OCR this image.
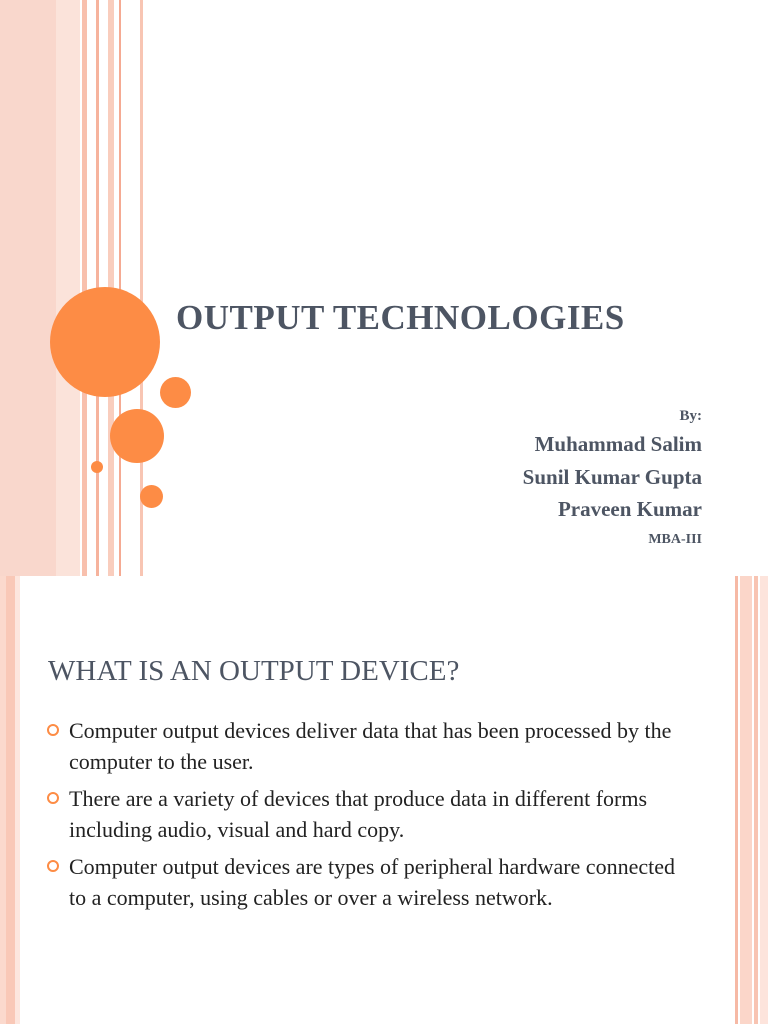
OUTPUT TECHNOLOGIES
By:
Muhammad Salim
Sunil Kumar Gupta
Praveen Kumar
MBA-III
WHAT IS AN OUTPUT DEVICE?
Computer output devices deliver data that has been processed by the computer to the user.
There are a variety of devices that produce data in different forms including audio, visual and hard copy.
Computer output devices are types of peripheral hardware connected to a computer, using cables or over a wireless network.
